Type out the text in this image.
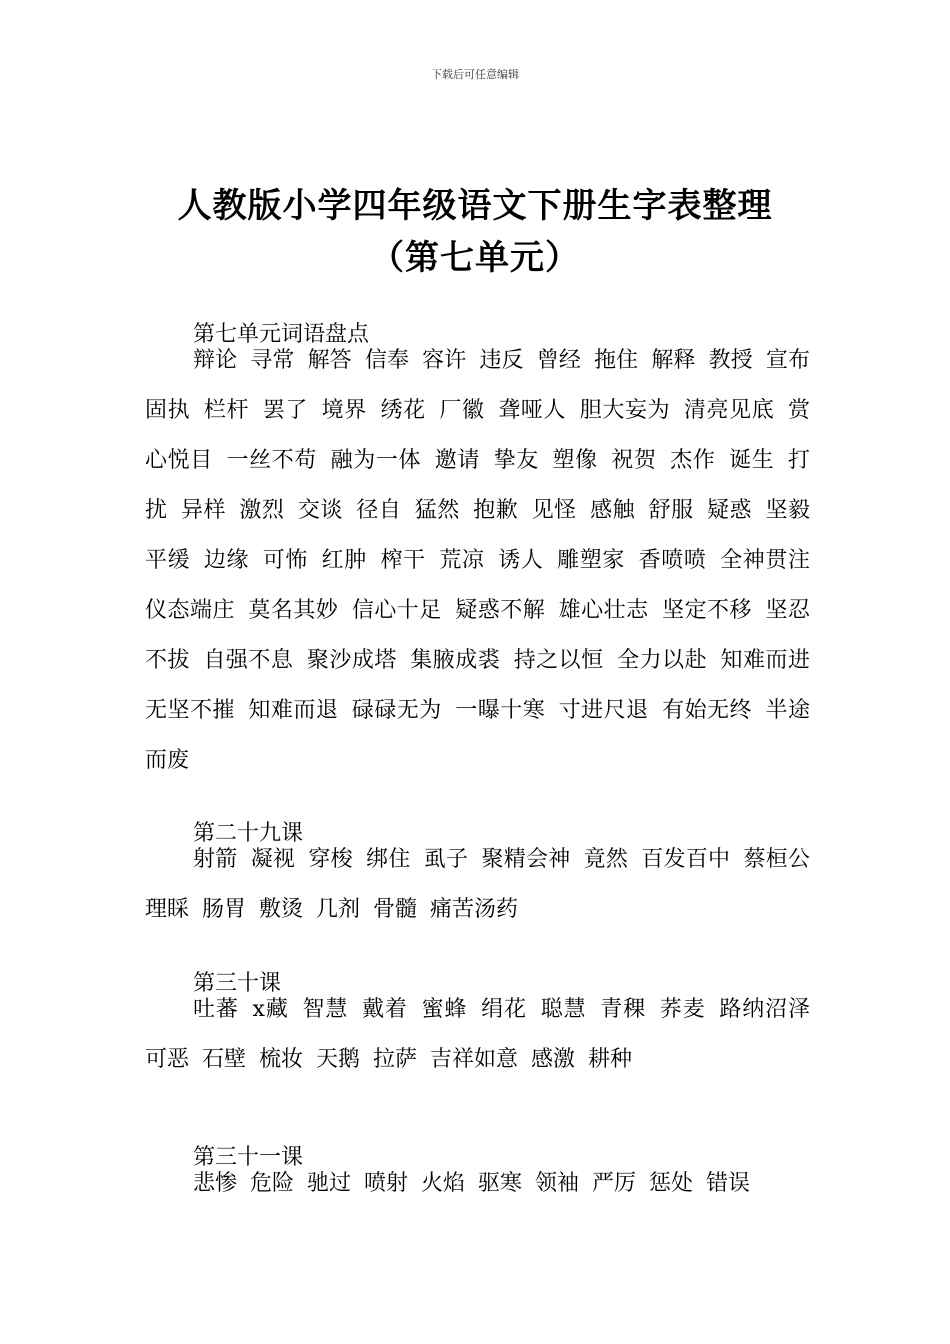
下载后可任意编辑
人教版小学四年级语文下册生字表整理
（第七单元）
第七单元词语盘点
辩论 寻常 解答 信奉 容许 违反 曾经 拖住 解释 教授 宣布 固执 栏杆 罢了 境界 绣花 厂徽 聋哑人 胆大妄为 清亮见底 赏心悦目 一丝不苟 融为一体 邀请 挚友 塑像 祝贺 杰作 诞生 打扰 异样 激烈 交谈 径自 猛然 抱歉 见怪 感触 舒服 疑惑 坚毅 平缓 边缘 可怖 红肿 榨干 荒凉 诱人 雕塑家 香喷喷 全神贯注 仪态端庄 莫名其妙 信心十足 疑惑不解 雄心壮志 坚定不移 坚忍不拔 自强不息 聚沙成塔 集腋成裘 持之以恒 全力以赴 知难而进 无坚不摧 知难而退 碌碌无为 一曝十寒 寸进尺退 有始无终 半途而废
第二十九课
射箭 凝视 穿梭 绑住 虱子 聚精会神 竟然 百发百中 蔡桓公 理睬 肠胃 敷烫 几剂 骨髓 痛苦汤药
第三十课
吐蕃 x藏 智慧 戴着 蜜蜂 绢花 聪慧 青稞 荞麦 路纳沼泽 可恶 石壁 梳妆 天鹅 拉萨 吉祥如意 感激 耕种
第三十一课
悲惨 危险 驰过 喷射 火焰 驱寒 领袖 严厉 惩处 错误
